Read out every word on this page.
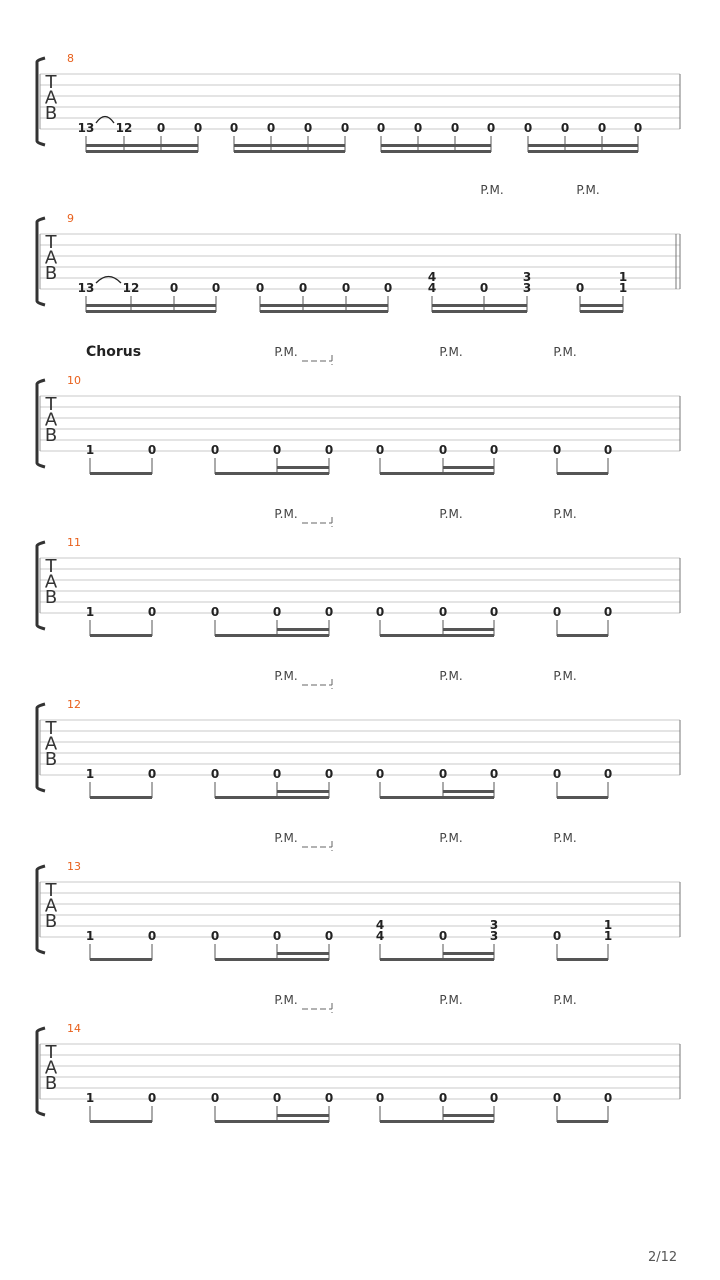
T
A
B
8
13 12 0 0 0 0 0 0 0 0 0 0 0 0 0 0
T
A
B
9
P.M.	P.M.
13 12	0	0	0	0	0	0	4
4
0	3
3
0	1
1
T
A
B
10
Chorus	P.M.	P.M.	P.M.
1	0	0	0	0	0	0	0	0	0
T
A
B
11
P.M.	P.M.	P.M.
1	0	0	0	0	0	0	0	0	0
T
A
B
12
P.M.	P.M.	P.M.
1	0	0	0	0	0	0	0	0	0
T
A
B
13
P.M.	P.M.	P.M.
1	0	0	0	0	4
4
0	3
3
0	1
1
T
A
B
14
P.M.	P.M.	P.M.
1	0	0	0	0	0	0	0	0	0
2/12
